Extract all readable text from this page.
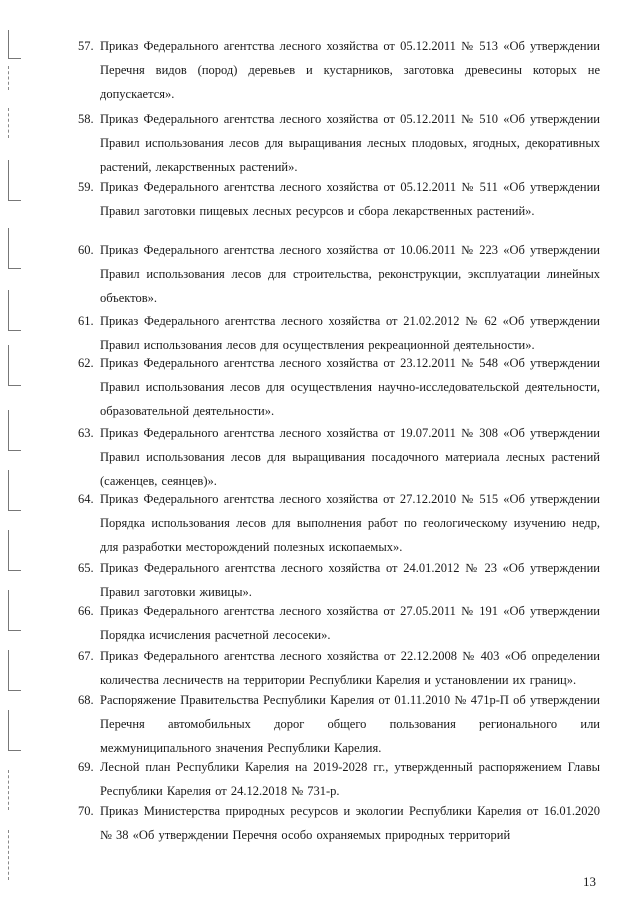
57. Приказ Федерального агентства лесного хозяйства от 05.12.2011 № 513 «Об утверждении Перечня видов (пород) деревьев и кустарников, заготовка древесины которых не допускается».
58. Приказ Федерального агентства лесного хозяйства от 05.12.2011 № 510 «Об утверждении Правил использования лесов для выращивания лесных плодовых, ягодных, декоративных растений, лекарственных растений».
59. Приказ Федерального агентства лесного хозяйства от 05.12.2011 № 511 «Об утверждении Правил заготовки пищевых лесных ресурсов и сбора лекарственных растений».
60. Приказ Федерального агентства лесного хозяйства от 10.06.2011 № 223 «Об утверждении Правил использования лесов для строительства, реконструкции, эксплуатации линейных объектов».
61. Приказ Федерального агентства лесного хозяйства от 21.02.2012 № 62 «Об утверждении Правил использования лесов для осуществления рекреационной деятельности».
62. Приказ Федерального агентства лесного хозяйства от 23.12.2011 № 548 «Об утверждении Правил использования лесов для осуществления научно-исследовательской деятельности, образовательной деятельности».
63. Приказ Федерального агентства лесного хозяйства от 19.07.2011 № 308 «Об утверждении Правил использования лесов для выращивания посадочного материала лесных растений (саженцев, сеянцев)».
64. Приказ Федерального агентства лесного хозяйства от 27.12.2010 № 515 «Об утверждении Порядка использования лесов для выполнения работ по геологическому изучению недр, для разработки месторождений полезных ископаемых».
65. Приказ Федерального агентства лесного хозяйства от 24.01.2012 № 23 «Об утверждении Правил заготовки живицы».
66. Приказ Федерального агентства лесного хозяйства от 27.05.2011 № 191 «Об утверждении Порядка исчисления расчетной лесосеки».
67. Приказ Федерального агентства лесного хозяйства от 22.12.2008 № 403 «Об определении количества лесничеств на территории Республики Карелия и установлении их границ».
68. Распоряжение Правительства Республики Карелия от 01.11.2010 № 471р-П об утверждении Перечня автомобильных дорог общего пользования регионального или межмуниципального значения Республики Карелия.
69. Лесной план Республики Карелия на 2019-2028 гг., утвержденный распоряжением Главы Республики Карелия от 24.12.2018 № 731-р.
70. Приказ Министерства природных ресурсов и экологии Республики Карелия от 16.01.2020 № 38 «Об утверждении Перечня особо охраняемых природных территорий
13
